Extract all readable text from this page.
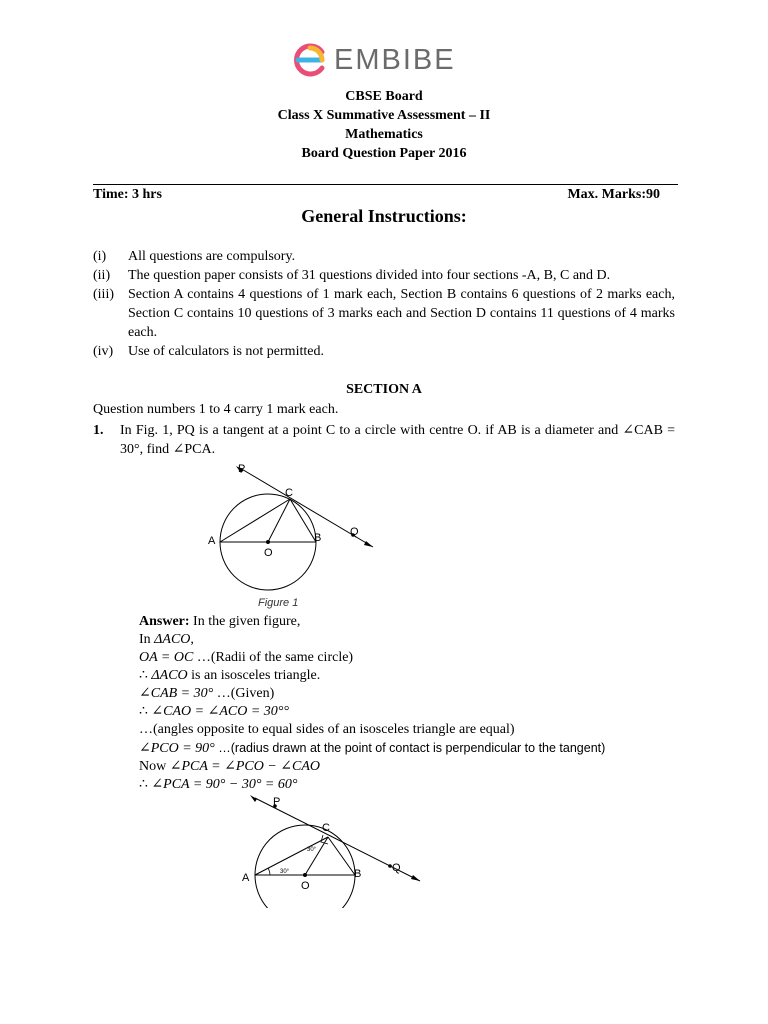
EMBIBE
CBSE Board
Class X Summative Assessment – II
Mathematics
Board Question Paper 2016
Time: 3 hrs	Max. Marks:90
General Instructions:
(i)	All questions are compulsory.
(ii)	The question paper consists of 31 questions divided into four sections -A, B, C and D.
(iii)	Section A contains 4 questions of 1 mark each, Section B contains 6 questions of 2 marks each, Section C contains 10 questions of 3 marks each and Section D contains 11 questions of 4 marks each.
(iv)	Use of calculators is not permitted.
SECTION A
Question numbers 1 to 4 carry 1 mark each.
1.	In Fig. 1, PQ is a tangent at a point C to a circle with centre O. if AB is a diameter and ∠CAB = 30°, find ∠PCA.
P
C
Q
A
O
B
Figure 1
Answer: In the given figure,
In ΔACO,
OA = OC …(Radii of the same circle)
∴ ΔACO is an isosceles triangle.
∠CAB = 30° …(Given)
∴ ∠CAO = ∠ACO = 30°°
…(angles opposite to equal sides of an isosceles triangle are equal)
∠PCO = 90° …(radius drawn at the point of contact is perpendicular to the tangent)
Now ∠PCA = ∠PCO − ∠CAO
∴ ∠PCA = 90° − 30° = 60°
P
C
Q
A
O
B
30°
30°
